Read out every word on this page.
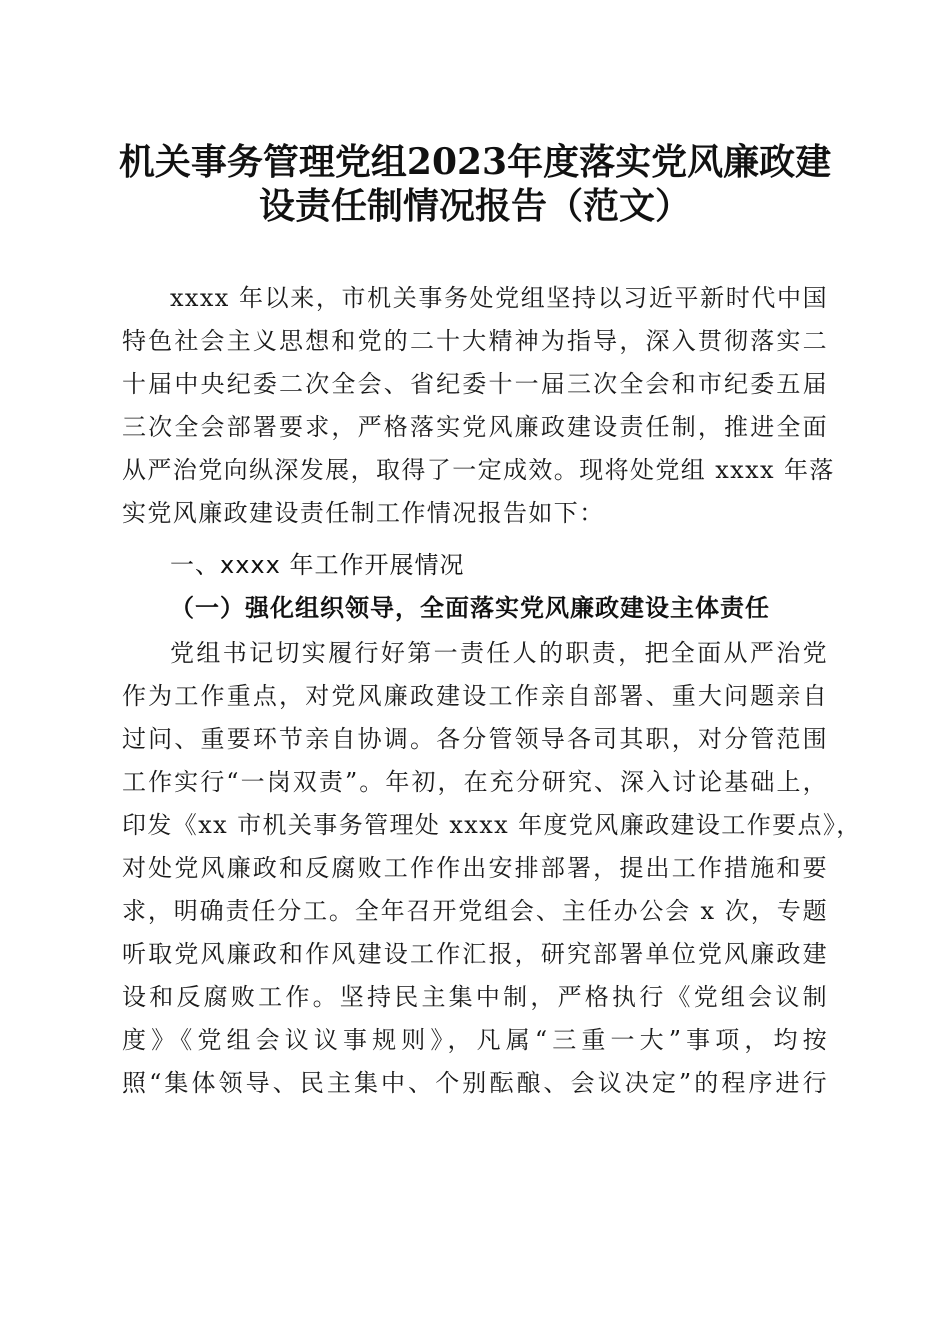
机关事务管理党组2023年度落实党风廉政建
设责任制情况报告（范文）
xxxx 年以来，市机关事务处党组坚持以习近平新时代中国
特色社会主义思想和党的二十大精神为指导，深入贯彻落实二
十届中央纪委二次全会、省纪委十一届三次全会和市纪委五届
三次全会部署要求，严格落实党风廉政建设责任制，推进全面
从严治党向纵深发展，取得了一定成效。现将处党组 xxxx 年落
实党风廉政建设责任制工作情况报告如下：
一、xxxx 年工作开展情况
（一）强化组织领导，全面落实党风廉政建设主体责任
党组书记切实履行好第一责任人的职责，把全面从严治党
作为工作重点，对党风廉政建设工作亲自部署、重大问题亲自
过问、重要环节亲自协调。各分管领导各司其职，对分管范围
工作实行“一岗双责”。年初，在充分研究、深入讨论基础上，
印发《xx 市机关事务管理处 xxxx 年度党风廉政建设工作要点》，
对处党风廉政和反腐败工作作出安排部署，提出工作措施和要
求，明确责任分工。全年召开党组会、主任办公会 x 次，专题
听取党风廉政和作风建设工作汇报，研究部署单位党风廉政建
设和反腐败工作。坚持民主集中制，严格执行《党组会议制
度》《党组会议议事规则》，凡属“三重一大”事项，均按
照“集体领导、民主集中、个别酝酿、会议决定”的程序进行
